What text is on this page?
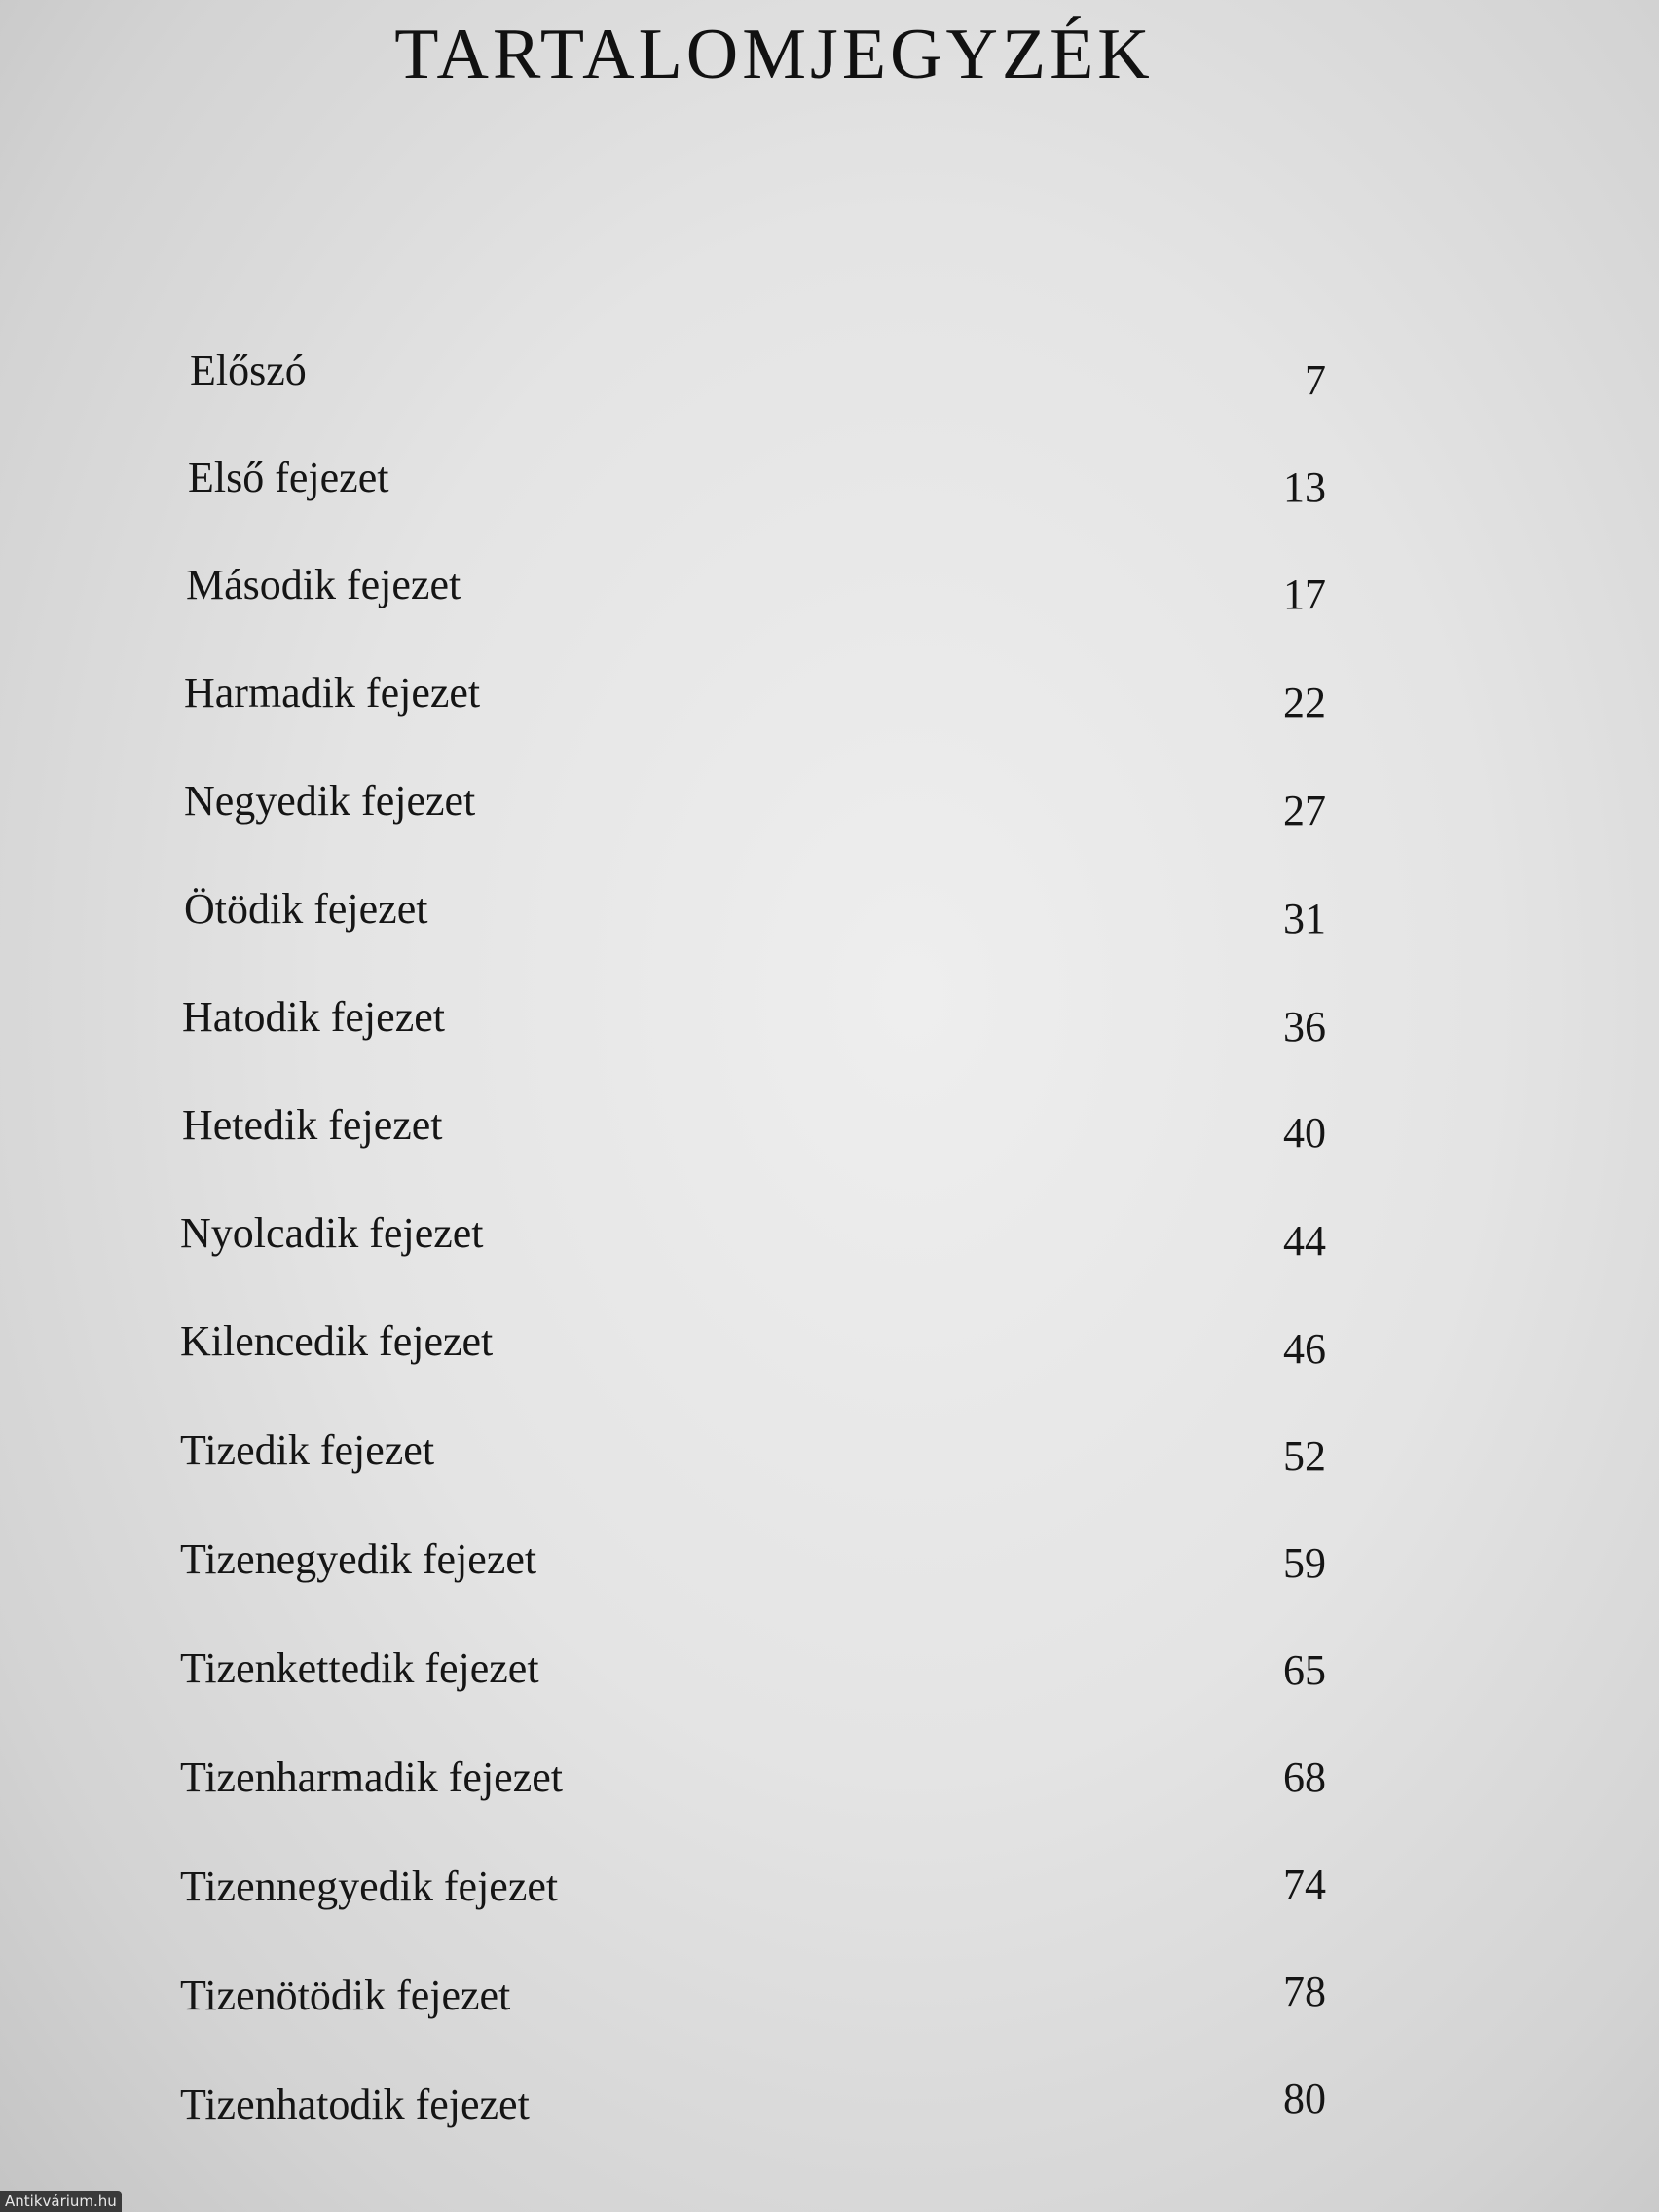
TARTALOMJEGYZÉK
Előszó	7
Első fejezet	13
Második fejezet	17
Harmadik fejezet	22
Negyedik fejezet	27
Ötödik fejezet	31
Hatodik fejezet	36
Hetedik fejezet	40
Nyolcadik fejezet	44
Kilencedik fejezet	46
Tizedik fejezet	52
Tizenegyedik fejezet	59
Tizenkettedik fejezet	65
Tizenharmadik fejezet	68
Tizennegyedik fejezet	74
Tizenötödik fejezet	78
Tizenhatodik fejezet	80
Antikvárium.hu
